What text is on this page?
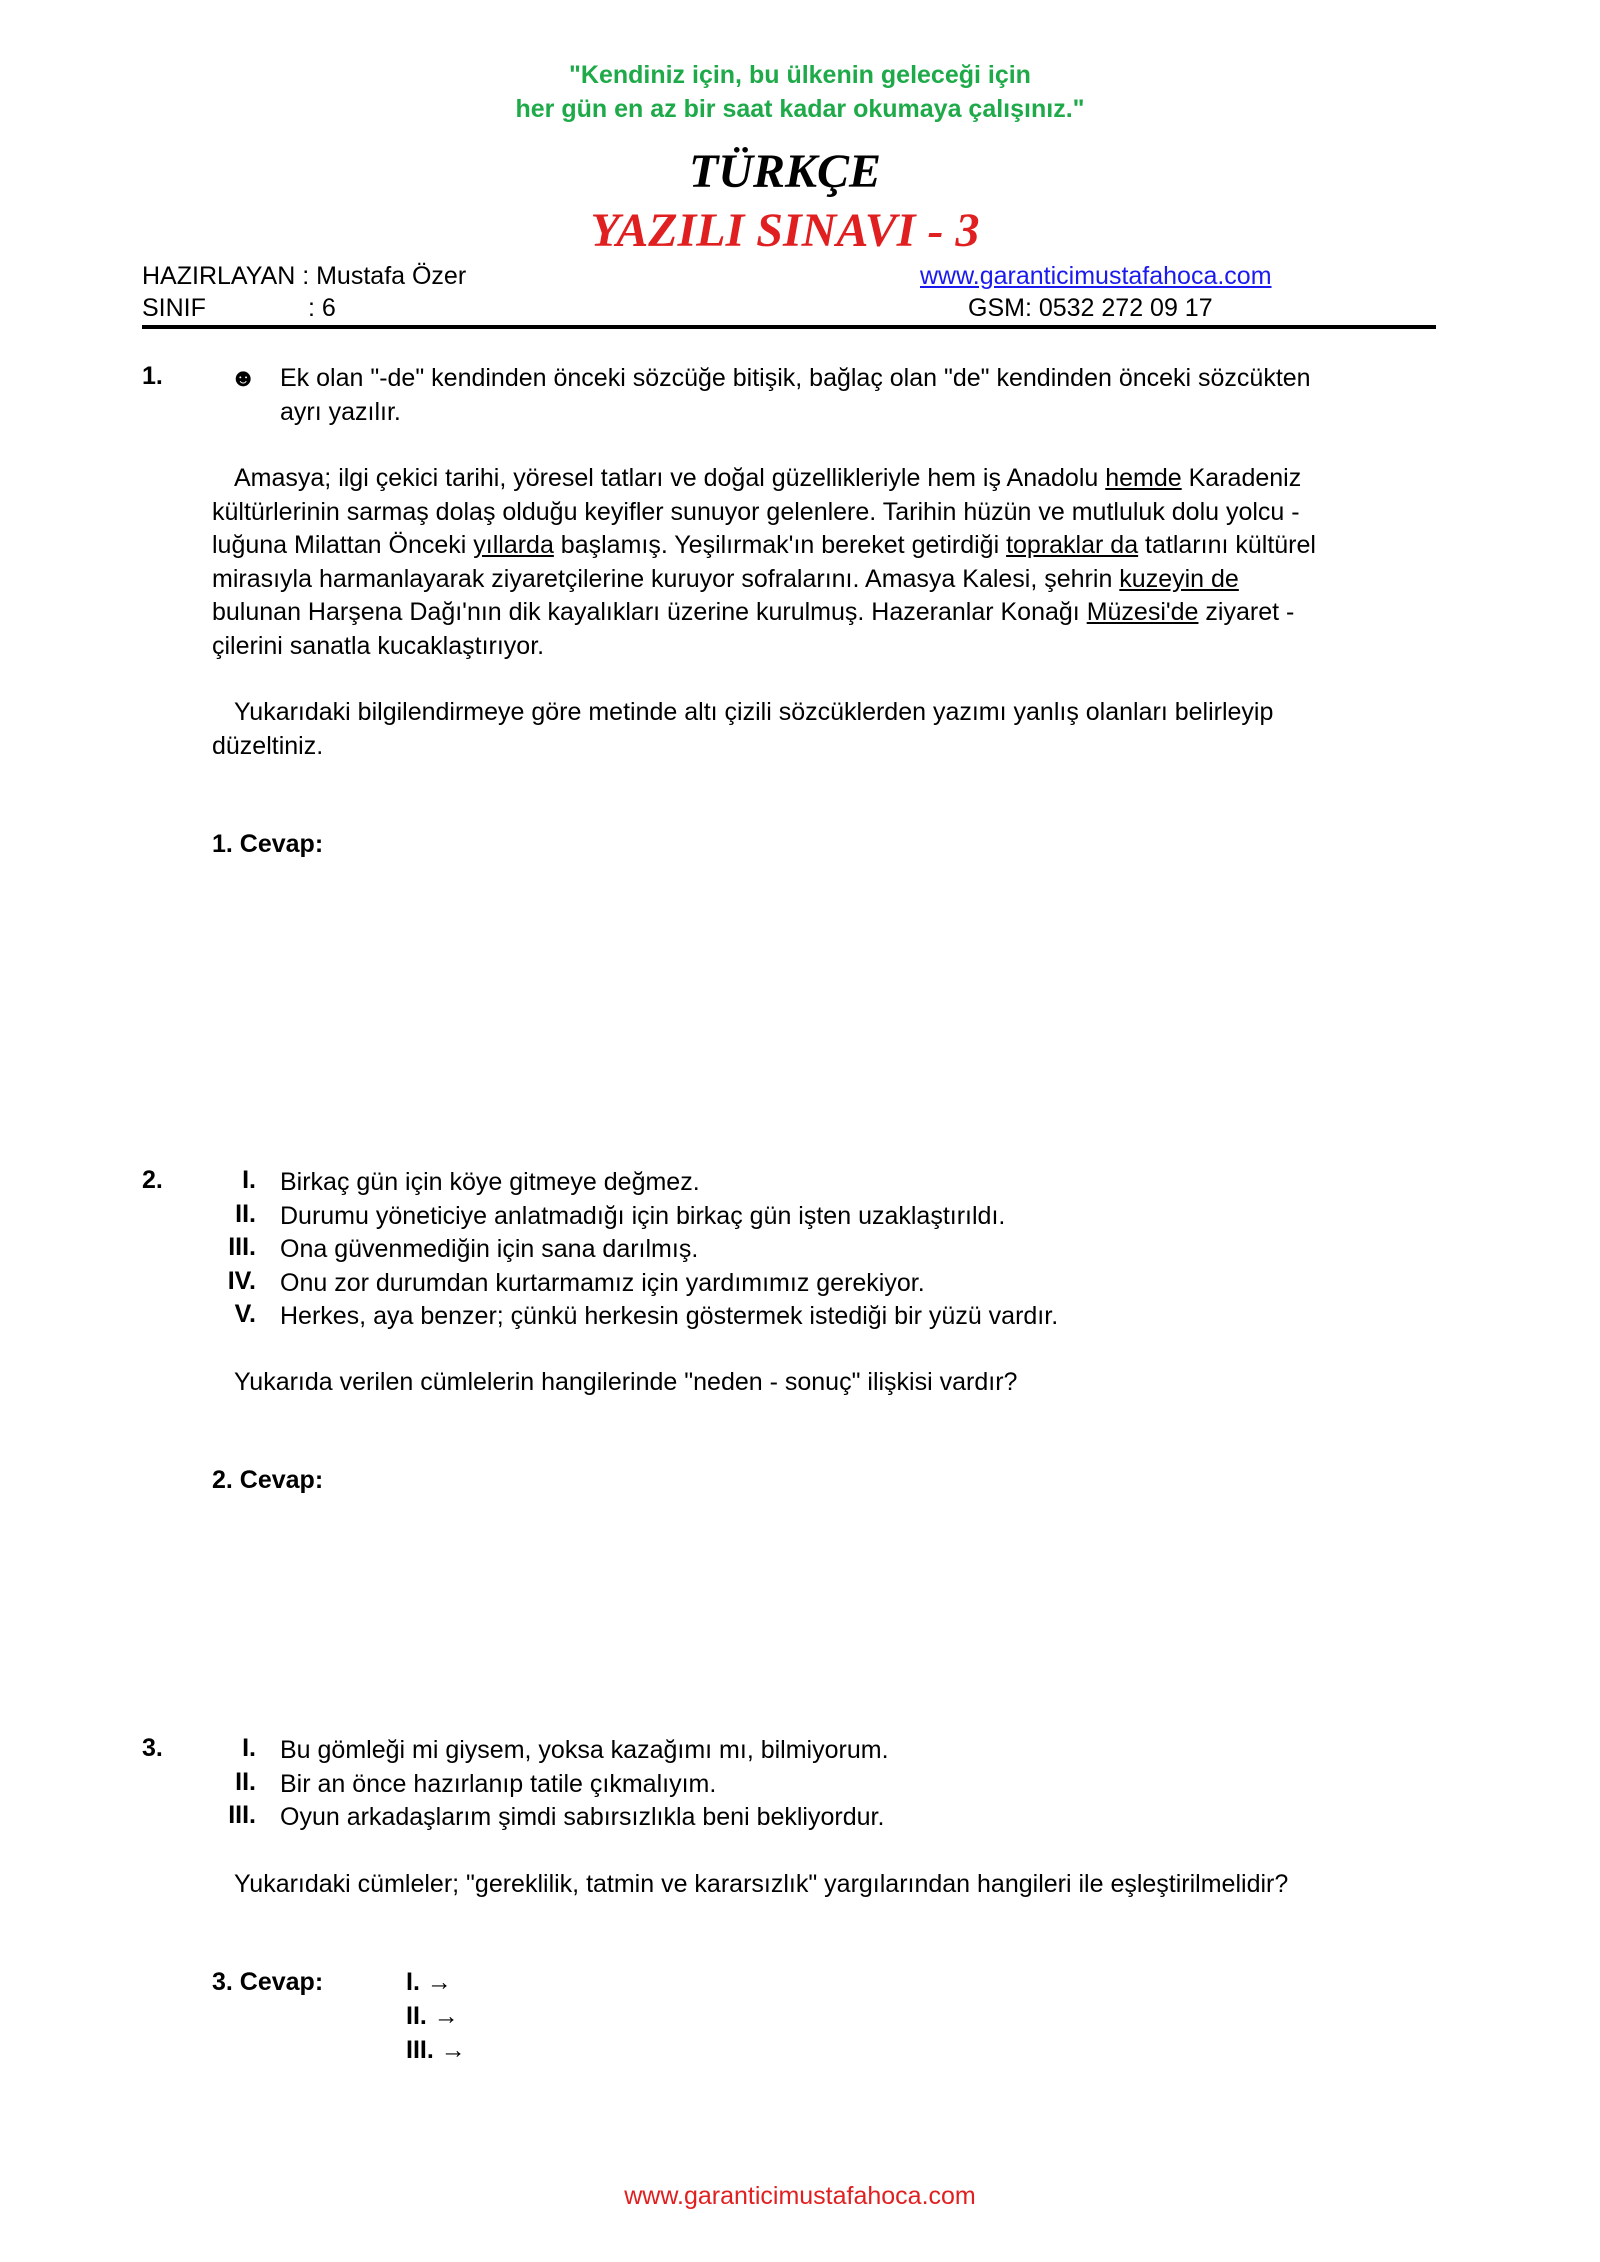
"Kendiniz için, bu ülkenin geleceği için
her gün en az bir saat kadar okumaya çalışınız."
TÜRKÇE
YAZILI SINAVI - 3
HAZIRLAYAN : Mustafa Özer
SINIF	: 6
www.garanticimustafahoca.com
GSM: 0532 272 09 17
1.	☻ Ek olan "-de" kendinden önceki sözcüğe bitişik, bağlaç olan "de" kendinden önceki sözcükten
ayrı yazılır.
Amasya; ilgi çekici tarihi, yöresel tatları ve doğal güzellikleriyle hem iş Anadolu hemde Karadeniz
kültürlerinin sarmaş dolaş olduğu keyifler sunuyor gelenlere. Tarihin hüzün ve mutluluk dolu yolcu -
luğuna Milattan Önceki yıllarda başlamış. Yeşilırmak'ın bereket getirdiği topraklar da tatlarını kültürel
mirasıyla harmanlayarak ziyaretçilerine kuruyor sofralarını. Amasya Kalesi, şehrin kuzeyin de
bulunan Harşena Dağı'nın dik kayalıkları üzerine kurulmuş. Hazeranlar Konağı Müzesi'de ziyaret -
çilerini sanatla kucaklaştırıyor.
Yukarıdaki bilgilendirmeye göre metinde altı çizili sözcüklerden yazımı yanlış olanları belirleyip
düzeltiniz.
1. Cevap:
2.	I. Birkaç gün için köye gitmeye değmez.
II. Durumu yöneticiye anlatmadığı için birkaç gün işten uzaklaştırıldı.
III. Ona güvenmediğin için sana darılmış.
IV. Onu zor durumdan kurtarmamız için yardımımız gerekiyor.
V. Herkes, aya benzer; çünkü herkesin göstermek istediği bir yüzü vardır.
Yukarıda verilen cümlelerin hangilerinde "neden - sonuç" ilişkisi vardır?
2. Cevap:
3.	I. Bu gömleği mi giysem, yoksa kazağımı mı, bilmiyorum.
II. Bir an önce hazırlanıp tatile çıkmalıyım.
III. Oyun arkadaşlarım şimdi sabırsızlıkla beni bekliyordur.
Yukarıdaki cümleler; "gereklilik, tatmin ve kararsızlık" yargılarından hangileri ile eşleştirilmelidir?
3. Cevap:	I. →
II. →
III. →
www.garanticimustafahoca.com
